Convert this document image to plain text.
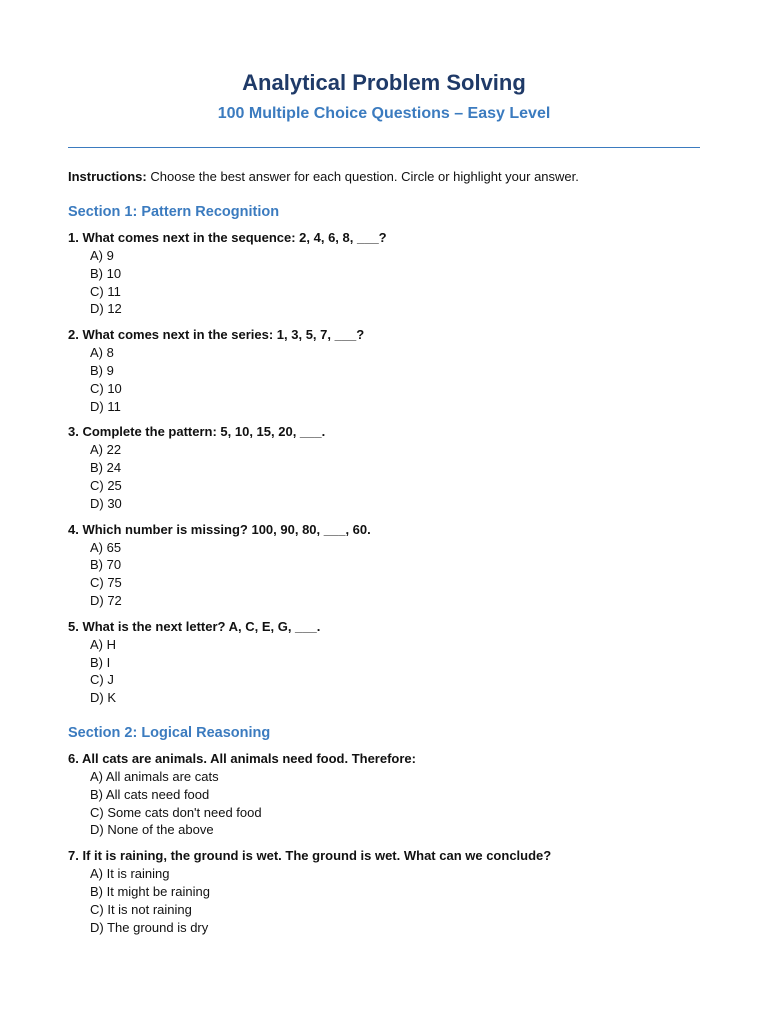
Analytical Problem Solving
100 Multiple Choice Questions – Easy Level
Instructions: Choose the best answer for each question. Circle or highlight your answer.
Section 1: Pattern Recognition
1. What comes next in the sequence: 2, 4, 6, 8, ___?
A) 9
B) 10
C) 11
D) 12
2. What comes next in the series: 1, 3, 5, 7, ___?
A) 8
B) 9
C) 10
D) 11
3. Complete the pattern: 5, 10, 15, 20, ___.
A) 22
B) 24
C) 25
D) 30
4. Which number is missing? 100, 90, 80, ___, 60.
A) 65
B) 70
C) 75
D) 72
5. What is the next letter? A, C, E, G, ___.
A) H
B) I
C) J
D) K
Section 2: Logical Reasoning
6. All cats are animals. All animals need food. Therefore:
A) All animals are cats
B) All cats need food
C) Some cats don't need food
D) None of the above
7. If it is raining, the ground is wet. The ground is wet. What can we conclude?
A) It is raining
B) It might be raining
C) It is not raining
D) The ground is dry
